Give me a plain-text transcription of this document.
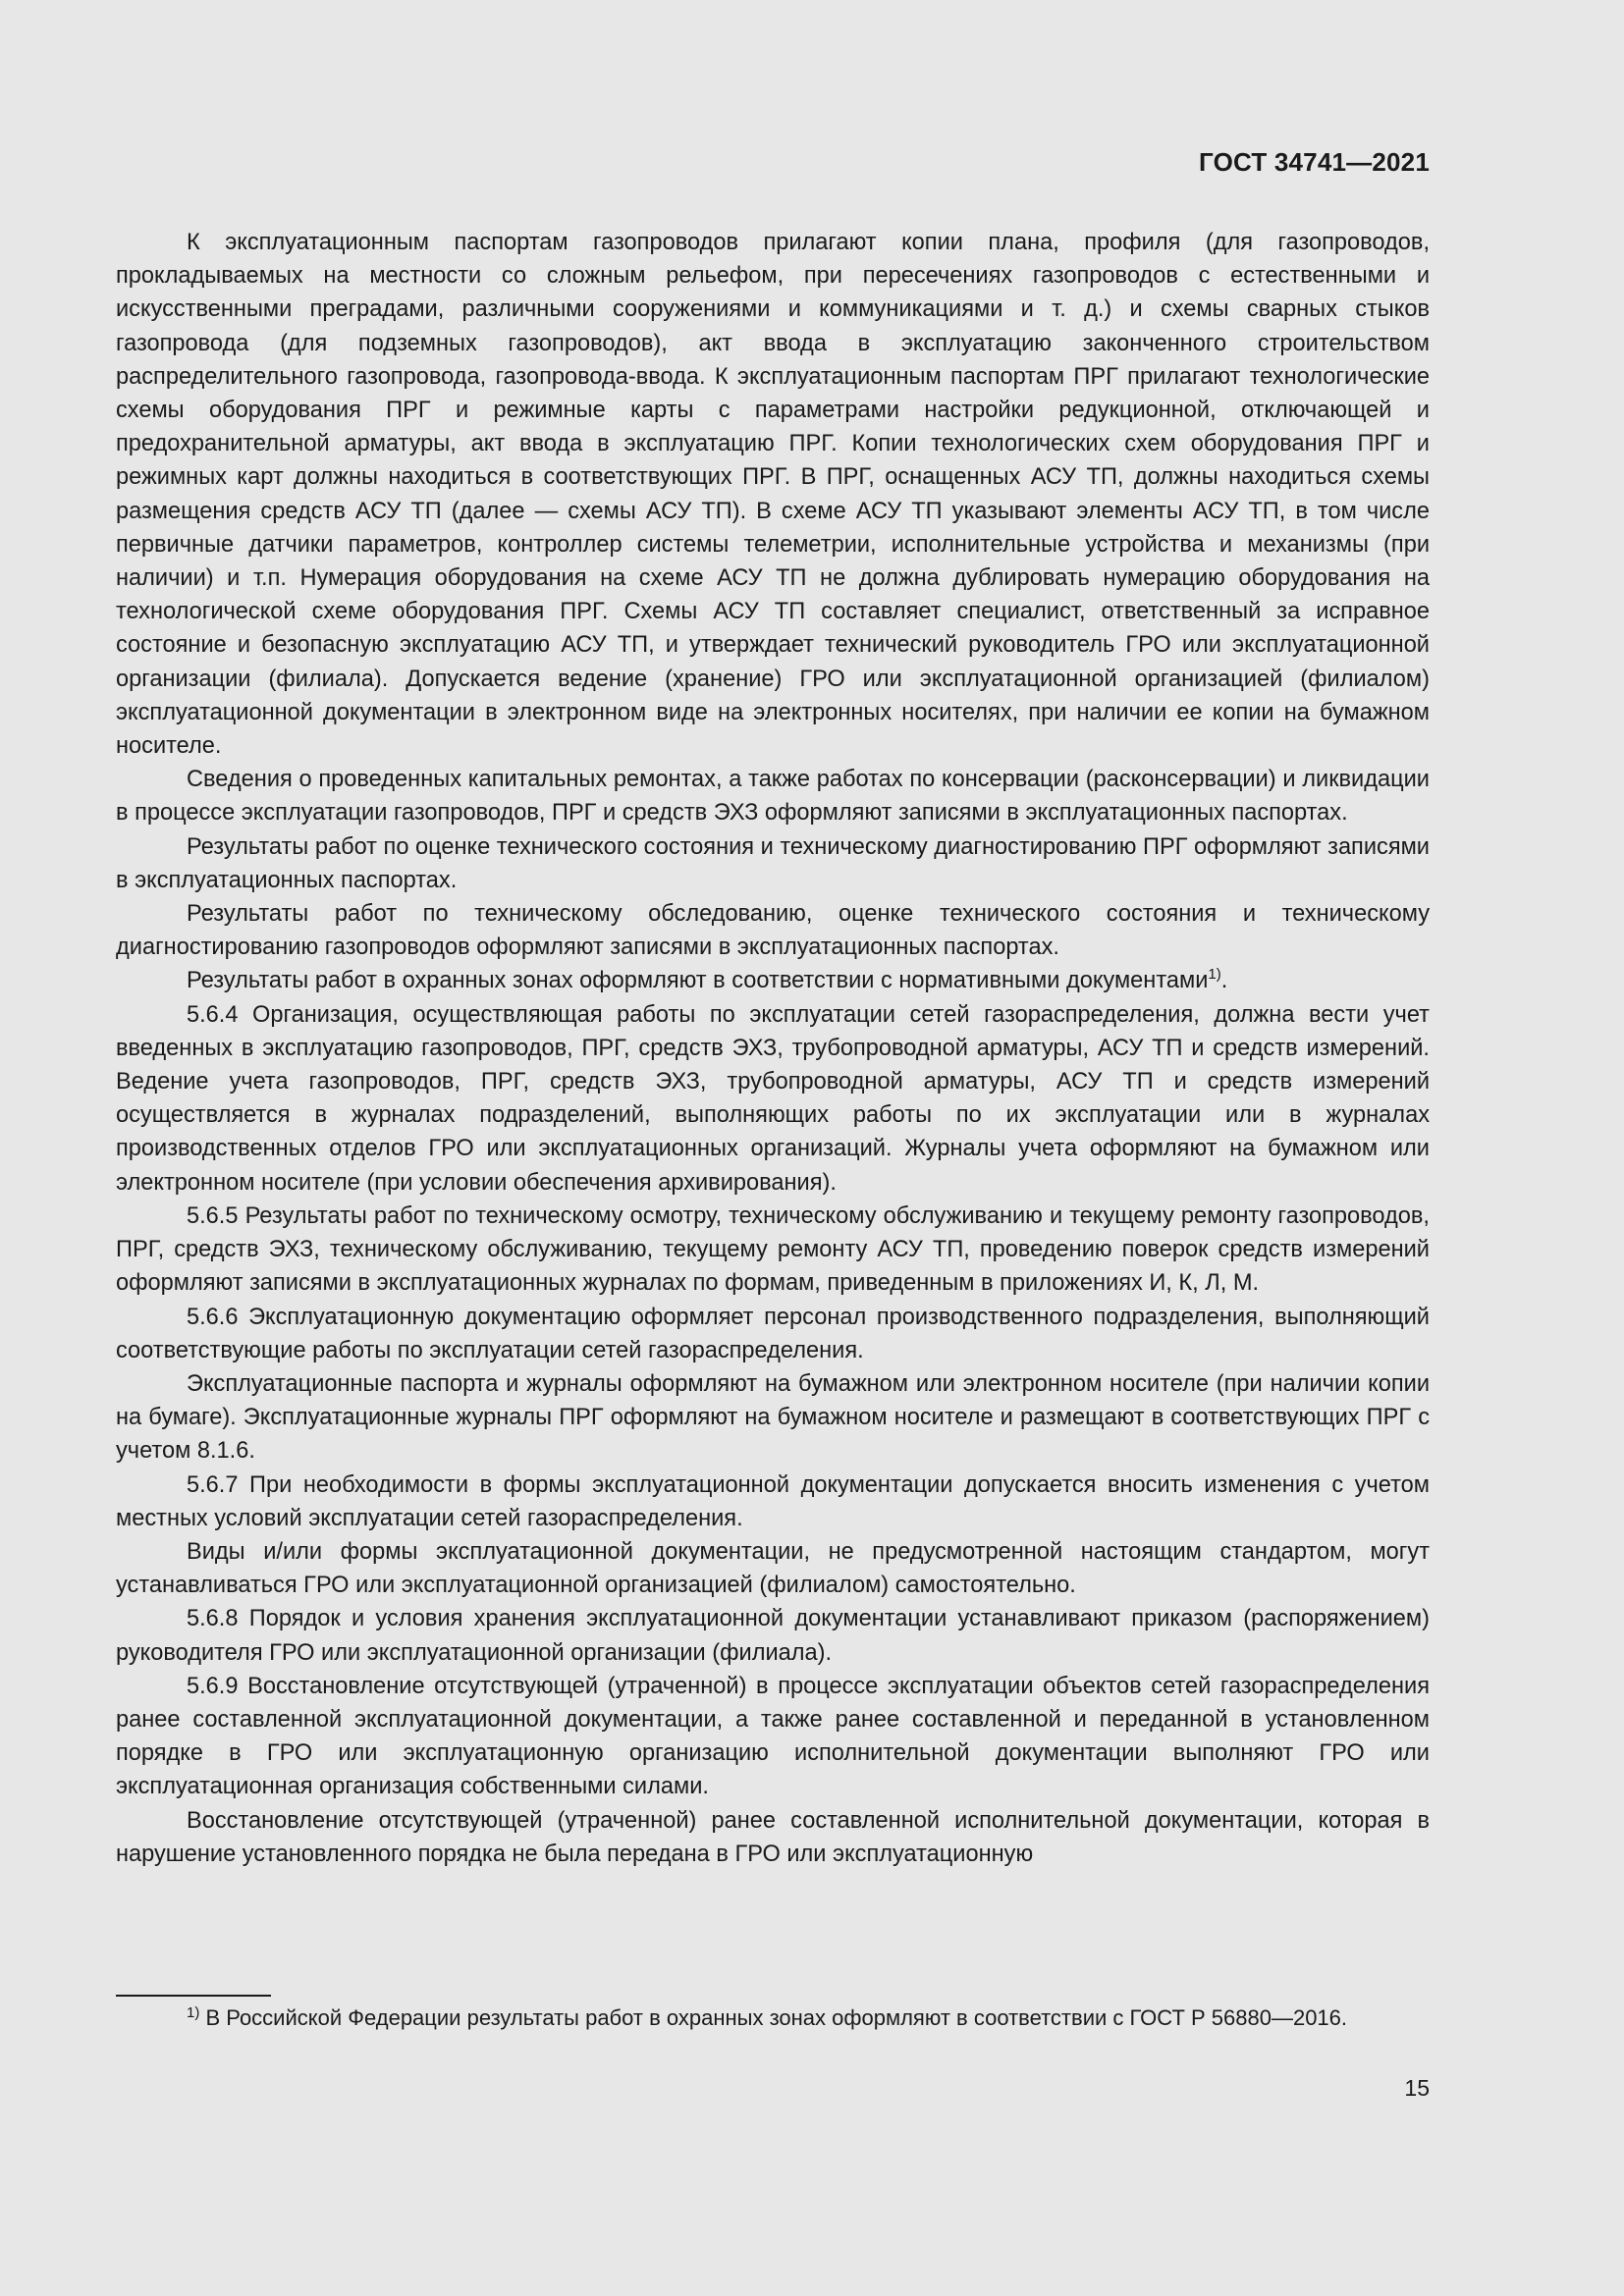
ГОСТ 34741—2021

К эксплуатационным паспортам газопроводов прилагают копии плана, профиля (для газопроводов, прокладываемых на местности со сложным рельефом, при пересечениях газопроводов с естественными и искусственными преградами, различными сооружениями и коммуникациями и т. д.) и схемы сварных стыков газопровода (для подземных газопроводов), акт ввода в эксплуатацию законченного строительством распределительного газопровода, газопровода-ввода. К эксплуатационным паспортам ПРГ прилагают технологические схемы оборудования ПРГ и режимные карты с параметрами настройки редукционной, отключающей и предохранительной арматуры, акт ввода в эксплуатацию ПРГ. Копии технологических схем оборудования ПРГ и режимных карт должны находиться в соответствующих ПРГ. В ПРГ, оснащенных АСУ ТП, должны находиться схемы размещения средств АСУ ТП (далее — схемы АСУ ТП). В схеме АСУ ТП указывают элементы АСУ ТП, в том числе первичные датчики параметров, контроллер системы телеметрии, исполнительные устройства и механизмы (при наличии) и т.п. Нумерация оборудования на схеме АСУ ТП не должна дублировать нумерацию оборудования на технологической схеме оборудования ПРГ. Схемы АСУ ТП составляет специалист, ответственный за исправное состояние и безопасную эксплуатацию АСУ ТП, и утверждает технический руководитель ГРО или эксплуатационной организации (филиала). Допускается ведение (хранение) ГРО или эксплуатационной организацией (филиалом) эксплуатационной документации в электронном виде на электронных носителях, при наличии ее копии на бумажном носителе.

Сведения о проведенных капитальных ремонтах, а также работах по консервации (расконсервации) и ликвидации в процессе эксплуатации газопроводов, ПРГ и средств ЭХЗ оформляют записями в эксплуатационных паспортах.

Результаты работ по оценке технического состояния и техническому диагностированию ПРГ оформляют записями в эксплуатационных паспортах.

Результаты работ по техническому обследованию, оценке технического состояния и техническому диагностированию газопроводов оформляют записями в эксплуатационных паспортах.

Результаты работ в охранных зонах оформляют в соответствии с нормативными документами$^{1)}$.

5.6.4 Организация, осуществляющая работы по эксплуатации сетей газораспределения, должна вести учет введенных в эксплуатацию газопроводов, ПРГ, средств ЭХЗ, трубопроводной арматуры, АСУ ТП и средств измерений. Ведение учета газопроводов, ПРГ, средств ЭХЗ, трубопроводной арматуры, АСУ ТП и средств измерений осуществляется в журналах подразделений, выполняющих работы по их эксплуатации или в журналах производственных отделов ГРО или эксплуатационных организаций. Журналы учета оформляют на бумажном или электронном носителе (при условии обеспечения архивирования).

5.6.5 Результаты работ по техническому осмотру, техническому обслуживанию и текущему ремонту газопроводов, ПРГ, средств ЭХЗ, техническому обслуживанию, текущему ремонту АСУ ТП, проведению поверок средств измерений оформляют записями в эксплуатационных журналах по формам, приведенным в приложениях И, К, Л, М.

5.6.6 Эксплуатационную документацию оформляет персонал производственного подразделения, выполняющий соответствующие работы по эксплуатации сетей газораспределения.

Эксплуатационные паспорта и журналы оформляют на бумажном или электронном носителе (при наличии копии на бумаге). Эксплуатационные журналы ПРГ оформляют на бумажном носителе и размещают в соответствующих ПРГ с учетом 8.1.6.

5.6.7 При необходимости в формы эксплуатационной документации допускается вносить изменения с учетом местных условий эксплуатации сетей газораспределения.

Виды и/или формы эксплуатационной документации, не предусмотренной настоящим стандартом, могут устанавливаться ГРО или эксплуатационной организацией (филиалом) самостоятельно.

5.6.8 Порядок и условия хранения эксплуатационной документации устанавливают приказом (распоряжением) руководителя ГРО или эксплуатационной организации (филиала).

5.6.9 Восстановление отсутствующей (утраченной) в процессе эксплуатации объектов сетей газораспределения ранее составленной эксплуатационной документации, а также ранее составленной и переданной в установленном порядке в ГРО или эксплуатационную организацию исполнительной документации выполняют ГРО или эксплуатационная организация собственными силами.

Восстановление отсутствующей (утраченной) ранее составленной исполнительной документации, которая в нарушение установленного порядка не была передана в ГРО или эксплуатационную

$^{1)}$ В Российской Федерации результаты работ в охранных зонах оформляют в соответствии с ГОСТ Р 56880—2016.
15
